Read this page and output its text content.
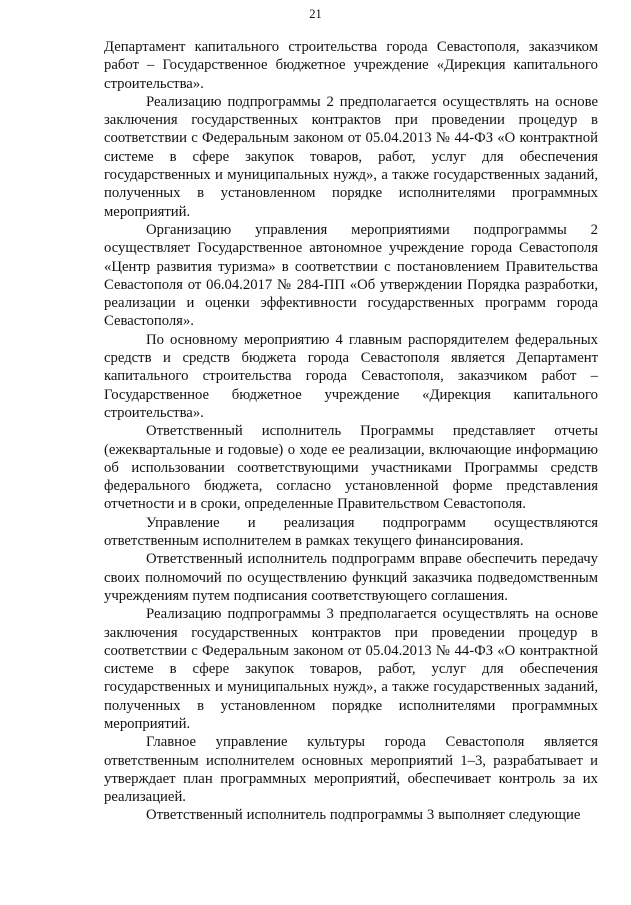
21

Департамент капитального строительства города Севастополя, заказчиком работ – Государственное бюджетное учреждение «Дирекция капитального строительства».

Реализацию подпрограммы 2 предполагается осуществлять на основе заключения государственных контрактов при проведении процедур в соответствии с Федеральным законом от 05.04.2013 № 44-ФЗ «О контрактной системе в сфере закупок товаров, работ, услуг для обеспечения государственных и муниципальных нужд», а также государственных заданий, полученных в установленном порядке исполнителями программных мероприятий.

Организацию управления мероприятиями подпрограммы 2 осуществляет Государственное автономное учреждение города Севастополя «Центр развития туризма» в соответствии с постановлением Правительства Севастополя от 06.04.2017 № 284-ПП «Об утверждении Порядка разработки, реализации и оценки эффективности государственных программ города Севастополя».

По основному мероприятию 4 главным распорядителем федеральных средств и средств бюджета города Севастополя является Департамент капитального строительства города Севастополя, заказчиком работ – Государственное бюджетное учреждение «Дирекция капитального строительства».

Ответственный исполнитель Программы представляет отчеты (ежеквартальные и годовые) о ходе ее реализации, включающие информацию об использовании соответствующими участниками Программы средств федерального бюджета, согласно установленной форме представления отчетности и в сроки, определенные Правительством Севастополя.

Управление и реализация подпрограмм осуществляются ответственным исполнителем в рамках текущего финансирования.

Ответственный исполнитель подпрограмм вправе обеспечить передачу своих полномочий по осуществлению функций заказчика подведомственным учреждениям путем подписания соответствующего соглашения.

Реализацию подпрограммы 3 предполагается осуществлять на основе заключения государственных контрактов при проведении процедур в соответствии с Федеральным законом от 05.04.2013 № 44-ФЗ «О контрактной системе в сфере закупок товаров, работ, услуг для обеспечения государственных и муниципальных нужд», а также государственных заданий, полученных в установленном порядке исполнителями программных мероприятий.

Главное управление культуры города Севастополя является ответственным исполнителем основных мероприятий 1–3, разрабатывает и утверждает план программных мероприятий, обеспечивает контроль за их реализацией.

Ответственный исполнитель подпрограммы 3 выполняет следующие
